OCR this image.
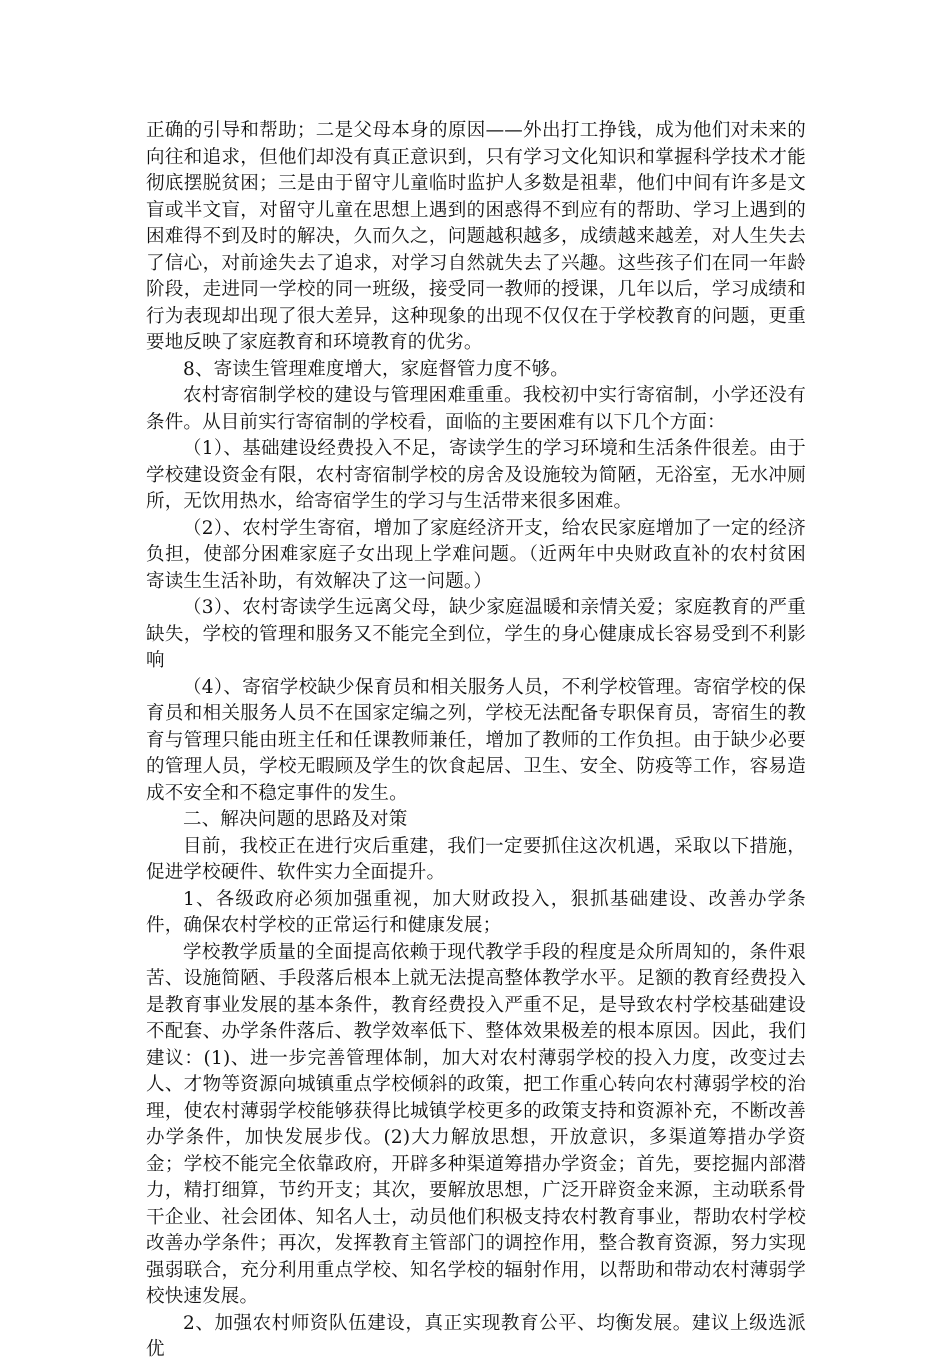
正确的引导和帮助；二是父母本身的原因——外出打工挣钱，成为他们对未来的向往和追求，但他们却没有真正意识到，只有学习文化知识和掌握科学技术才能彻底摆脱贫困；三是由于留守儿童临时监护人多数是祖辈，他们中间有许多是文盲或半文盲，对留守儿童在思想上遇到的困惑得不到应有的帮助、学习上遇到的困难得不到及时的解决，久而久之，问题越积越多，成绩越来越差，对人生失去了信心，对前途失去了追求，对学习自然就失去了兴趣。这些孩子们在同一年龄阶段，走进同一学校的同一班级，接受同一教师的授课，几年以后，学习成绩和行为表现却出现了很大差异，这种现象的出现不仅仅在于学校教育的问题，更重要地反映了家庭教育和环境教育的优劣。

8、寄读生管理难度增大，家庭督管力度不够。

农村寄宿制学校的建设与管理困难重重。我校初中实行寄宿制，小学还没有条件。从目前实行寄宿制的学校看，面临的主要困难有以下几个方面：

（1）、基础建设经费投入不足，寄读学生的学习环境和生活条件很差。由于学校建设资金有限，农村寄宿制学校的房舍及设施较为简陋，无浴室，无水冲厕所，无饮用热水，给寄宿学生的学习与生活带来很多困难。

（2）、农村学生寄宿，增加了家庭经济开支，给农民家庭增加了一定的经济负担，使部分困难家庭子女出现上学难问题。（近两年中央财政直补的农村贫困寄读生生活补助，有效解决了这一问题。）

（3）、农村寄读学生远离父母，缺少家庭温暖和亲情关爱；家庭教育的严重缺失，学校的管理和服务又不能完全到位，学生的身心健康成长容易受到不利影响

（4）、寄宿学校缺少保育员和相关服务人员，不利学校管理。寄宿学校的保育员和相关服务人员不在国家定编之列，学校无法配备专职保育员，寄宿生的教育与管理只能由班主任和任课教师兼任，增加了教师的工作负担。由于缺少必要的管理人员，学校无暇顾及学生的饮食起居、卫生、安全、防疫等工作，容易造成不安全和不稳定事件的发生。

二、解决问题的思路及对策

目前，我校正在进行灾后重建，我们一定要抓住这次机遇，采取以下措施，促进学校硬件、软件实力全面提升。

1、各级政府必须加强重视，加大财政投入，狠抓基础建设、改善办学条件，确保农村学校的正常运行和健康发展；

学校教学质量的全面提高依赖于现代教学手段的程度是众所周知的，条件艰苦、设施简陋、手段落后根本上就无法提高整体教学水平。足额的教育经费投入是教育事业发展的基本条件，教育经费投入严重不足，是导致农村学校基础建设不配套、办学条件落后、教学效率低下、整体效果极差的根本原因。因此，我们建议：(1)、进一步完善管理体制，加大对农村薄弱学校的投入力度，改变过去人、才物等资源向城镇重点学校倾斜的政策，把工作重心转向农村薄弱学校的治理，使农村薄弱学校能够获得比城镇学校更多的政策支持和资源补充，不断改善办学条件，加快发展步伐。(2)大力解放思想，开放意识，多渠道筹措办学资金；学校不能完全依靠政府，开辟多种渠道筹措办学资金；首先，要挖掘内部潜力，精打细算，节约开支；其次，要解放思想，广泛开辟资金来源，主动联系骨干企业、社会团体、知名人士，动员他们积极支持农村教育事业，帮助农村学校改善办学条件；再次，发挥教育主管部门的调控作用，整合教育资源，努力实现强弱联合，充分利用重点学校、知名学校的辐射作用，以帮助和带动农村薄弱学校快速发展。

2、加强农村师资队伍建设，真正实现教育公平、均衡发展。建议上级选派优
